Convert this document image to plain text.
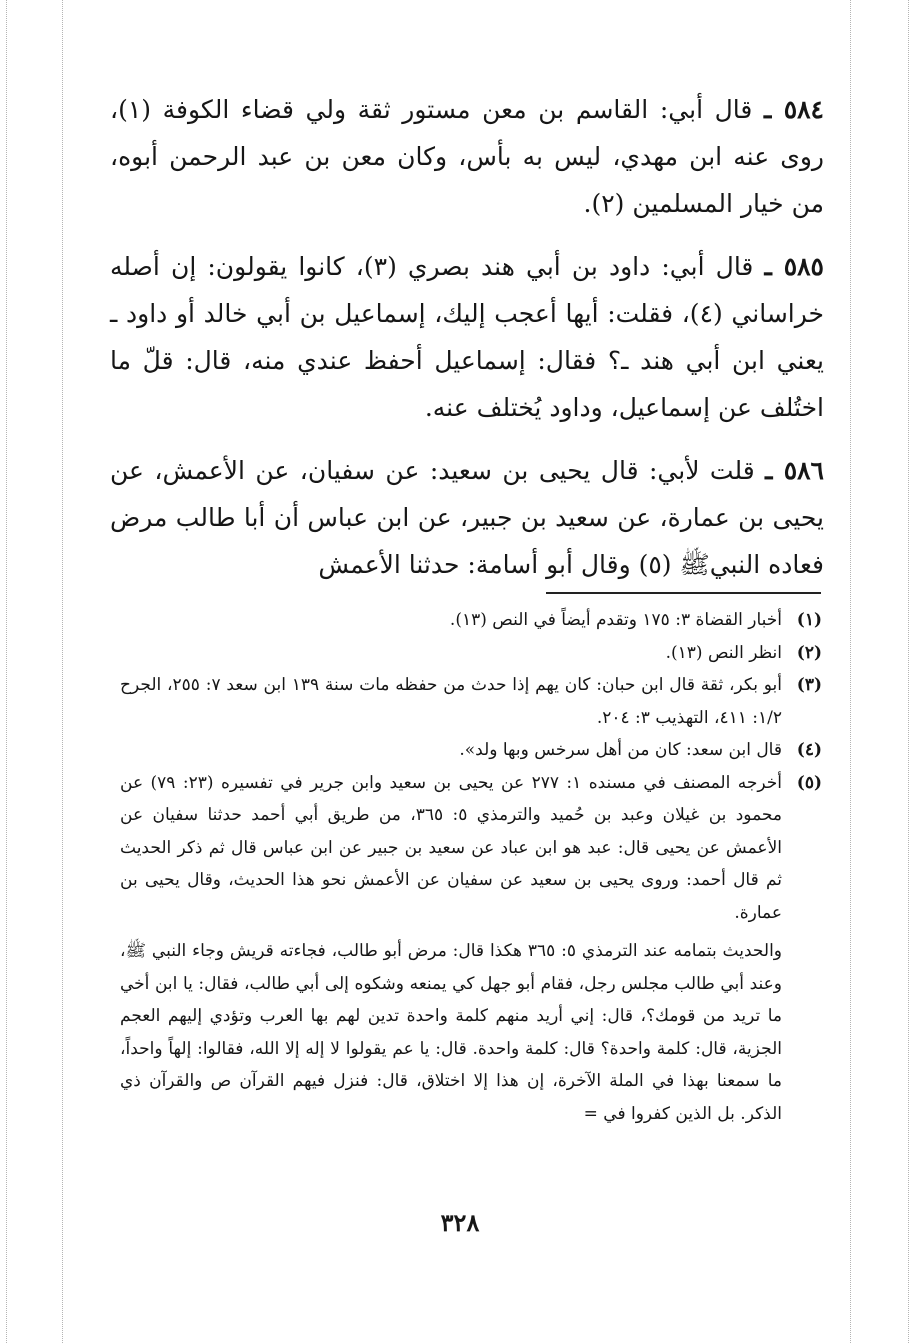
٥٨٤ ـ قال أبي: القاسم بن معن مستور ثقة ولي قضاء الكوفة (١)، روى عنه ابن مهدي، ليس به بأس، وكان معن بن عبد الرحمن أبوه، من خيار المسلمين (٢).

٥٨٥ ـ قال أبي: داود بن أبي هند بصري (٣)، كانوا يقولون: إن أصله خراساني (٤)، فقلت: أيها أعجب إليك، إسماعيل بن أبي خالد أو داود ـ يعني ابن أبي هند ـ؟ فقال: إسماعيل أحفظ عندي منه، قال: قلّ ما اختُلف عن إسماعيل، وداود يُختلف عنه.

٥٨٦ ـ قلت لأبي: قال يحيى بن سعيد: عن سفيان، عن الأعمش، عن يحيى بن عمارة، عن سعيد بن جبير، عن ابن عباس أن أبا طالب مرض فعاده النبيﷺ (٥) وقال أبو أسامة: حدثنا الأعمش

(١)
أخبار القضاة ٣: ١٧٥ وتقدم أيضاً في النص (١٣).
(٢)
انظر النص (١٣).
(٣)
أبو بكر، ثقة قال ابن حبان: كان يهم إذا حدث من حفظه مات سنة ١٣٩ ابن سعد ٧: ٢٥٥، الجرح ١/٢: ٤١١، التهذيب ٣: ٢٠٤.
(٤)
قال ابن سعد: كان من أهل سرخس وبها ولد».
(٥)
أخرجه المصنف في مسنده ١: ٢٧٧ عن يحيى بن سعيد وابن جرير في تفسيره (٢٣: ٧٩) عن محمود بن غيلان وعبد بن حُميد والترمذي ٥: ٣٦٥، من طريق أبي أحمد حدثنا سفيان عن الأعمش عن يحيى قال: عبد هو ابن عباد عن سعيد بن جبير عن ابن عباس قال ثم ذكر الحديث ثم قال أحمد: وروى يحيى بن سعيد عن سفيان عن الأعمش نحو هذا الحديث، وقال يحيى بن عمارة.
والحديث بتمامه عند الترمذي ٥: ٣٦٥ هكذا قال: مرض أبو طالب، فجاءته قريش وجاء النبي ﷺ، وعند أبي طالب مجلس رجل، فقام أبو جهل كي يمنعه وشكوه إلى أبي طالب، فقال: يا ابن أخي ما تريد من قومك؟، قال: إني أريد منهم كلمة واحدة تدين لهم بها العرب وتؤدي إليهم العجم الجزية، قال: كلمة واحدة؟ قال: كلمة واحدة. قال: يا عم يقولوا لا إله إلا الله، فقالوا: إلهاً واحداً، ما سمعنا بهذا في الملة الآخرة، إن هذا إلا اختلاق، قال: فنزل فيهم القرآن ص والقرآن ذي الذكر. بل الذين كفروا في =
٣٢٨
